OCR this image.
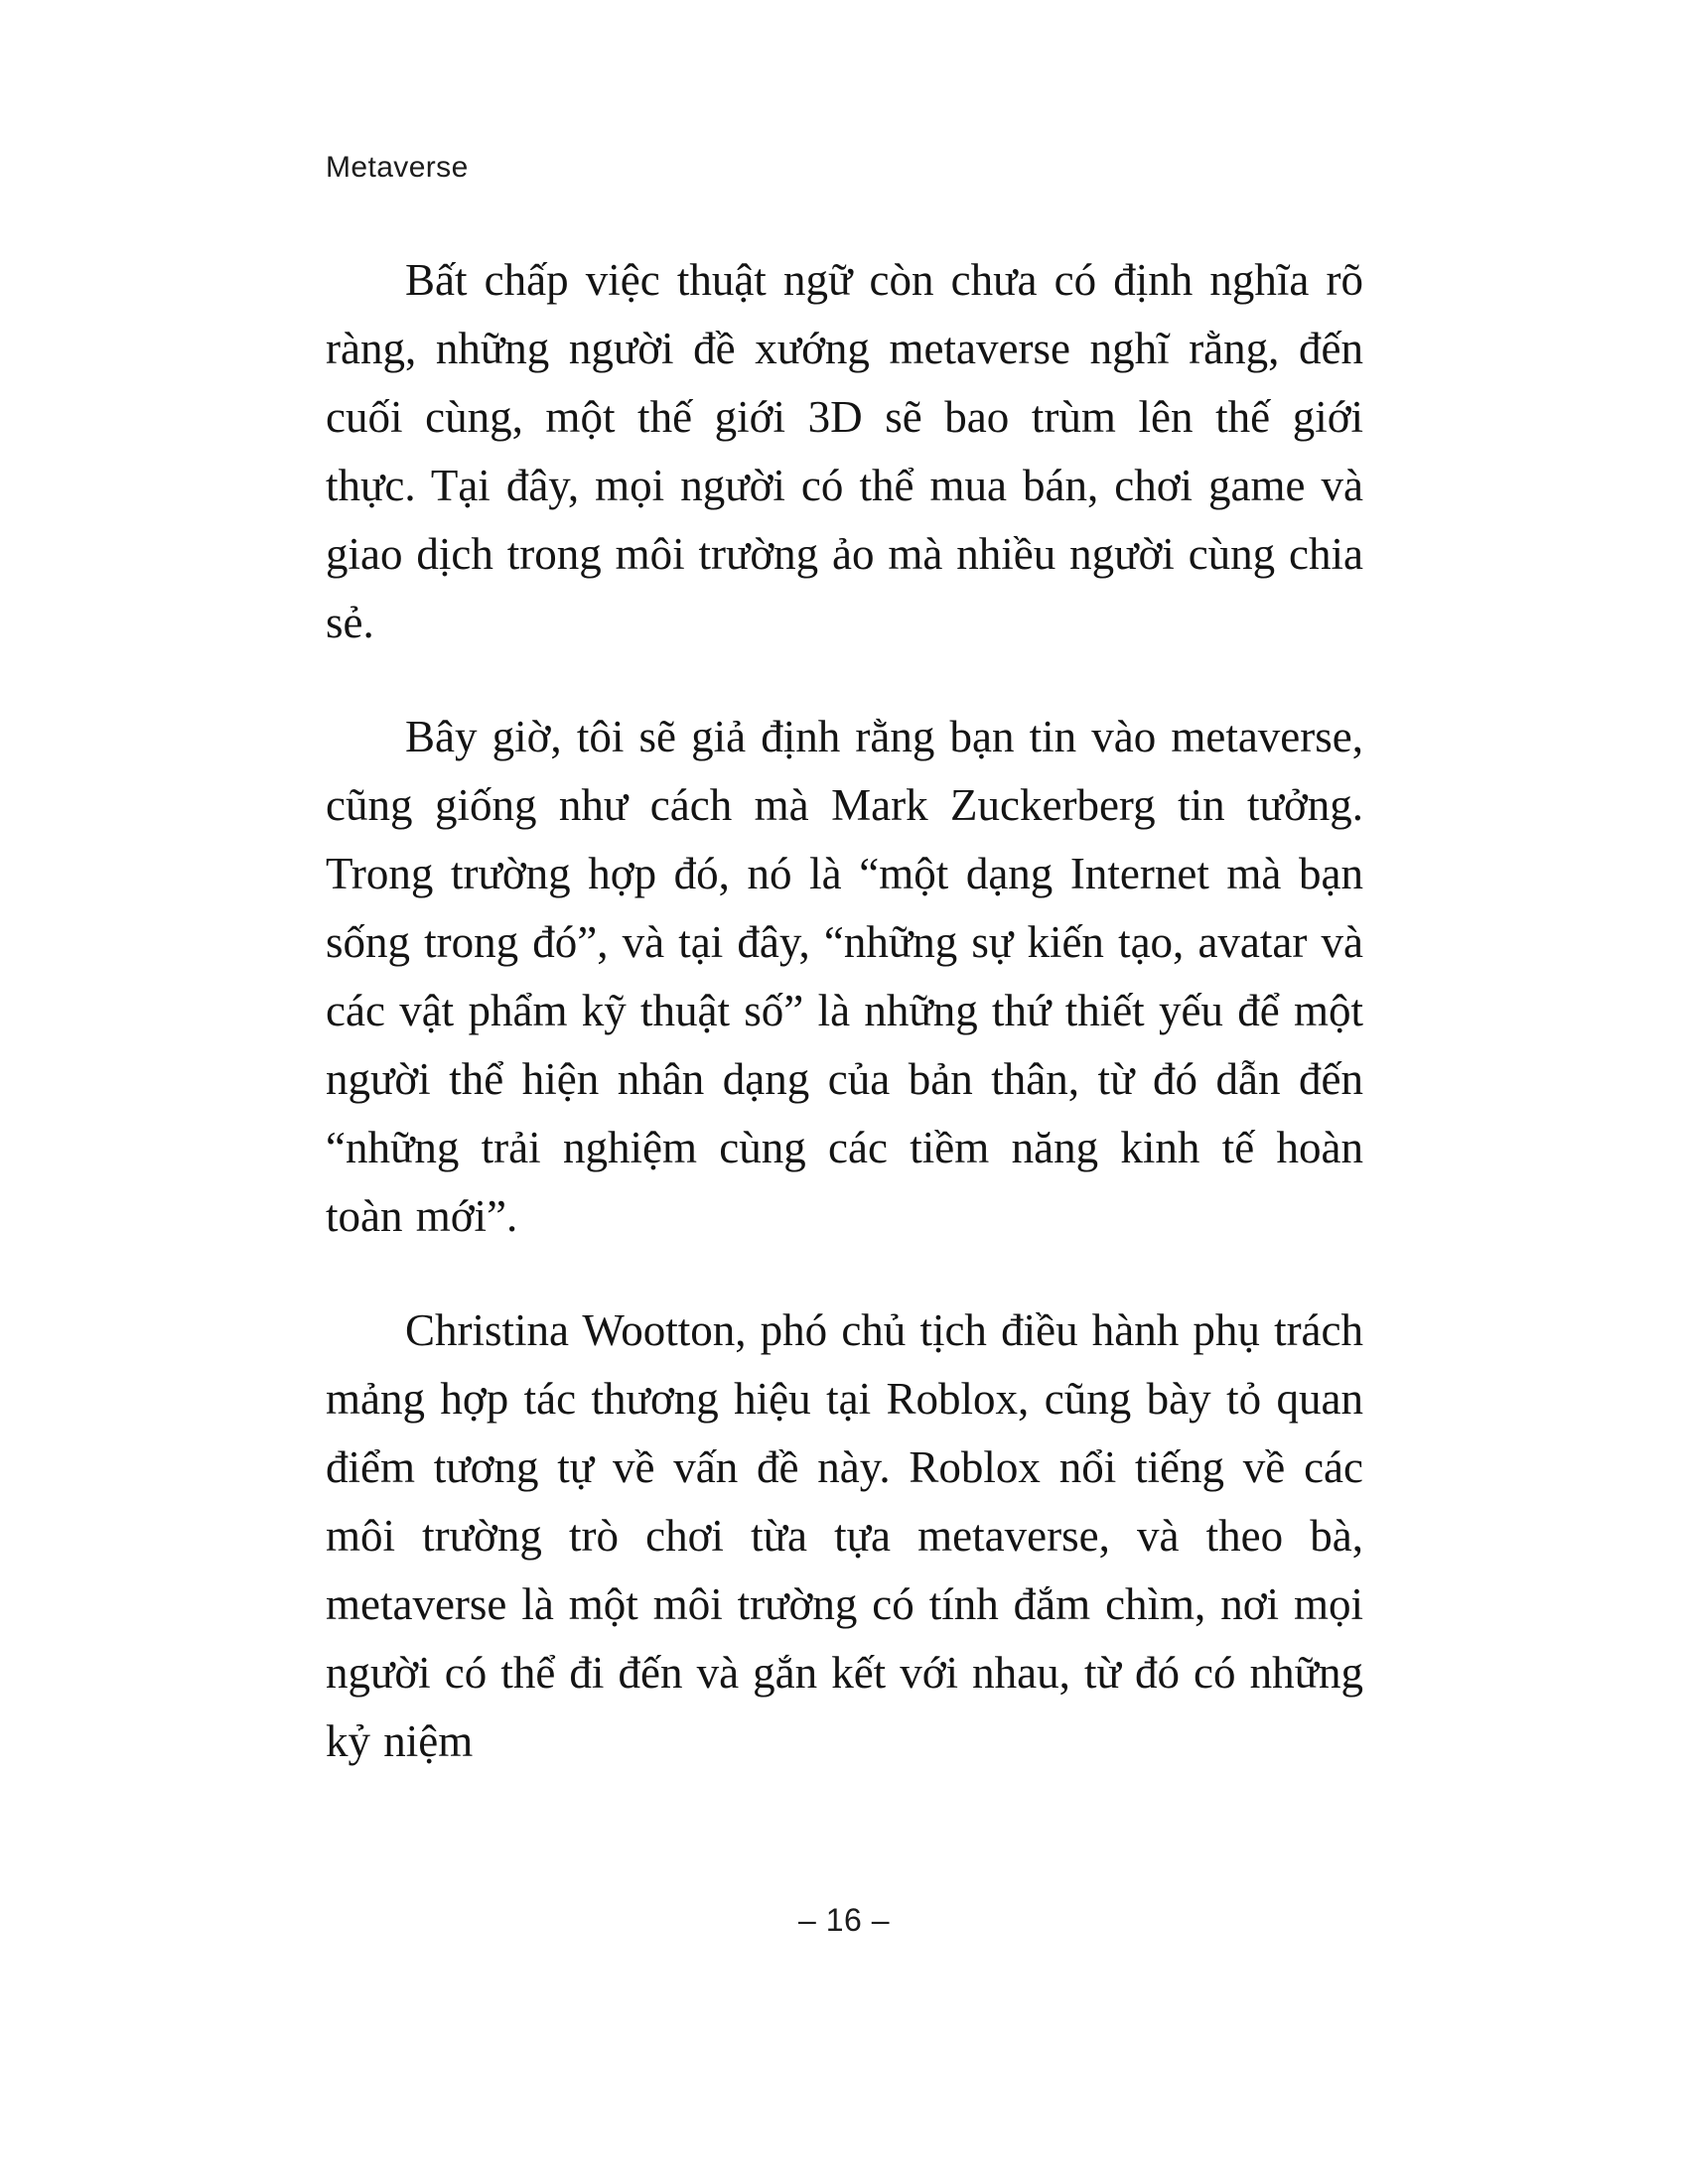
Metaverse

Bất chấp việc thuật ngữ còn chưa có định nghĩa rõ ràng, những người đề xướng metaverse nghĩ rằng, đến cuối cùng, một thế giới 3D sẽ bao trùm lên thế giới thực. Tại đây, mọi người có thể mua bán, chơi game và giao dịch trong môi trường ảo mà nhiều người cùng chia sẻ.

Bây giờ, tôi sẽ giả định rằng bạn tin vào metaverse, cũng giống như cách mà Mark Zuckerberg tin tưởng. Trong trường hợp đó, nó là “một dạng Internet mà bạn sống trong đó”, và tại đây, “những sự kiến tạo, avatar và các vật phẩm kỹ thuật số” là những thứ thiết yếu để một người thể hiện nhân dạng của bản thân, từ đó dẫn đến “những trải nghiệm cùng các tiềm năng kinh tế hoàn toàn mới”.

Christina Wootton, phó chủ tịch điều hành phụ trách mảng hợp tác thương hiệu tại Roblox, cũng bày tỏ quan điểm tương tự về vấn đề này. Roblox nổi tiếng về các môi trường trò chơi từa tựa metaverse, và theo bà, metaverse là một môi trường có tính đắm chìm, nơi mọi người có thể đi đến và gắn kết với nhau, từ đó có những kỷ niệm

– 16 –
